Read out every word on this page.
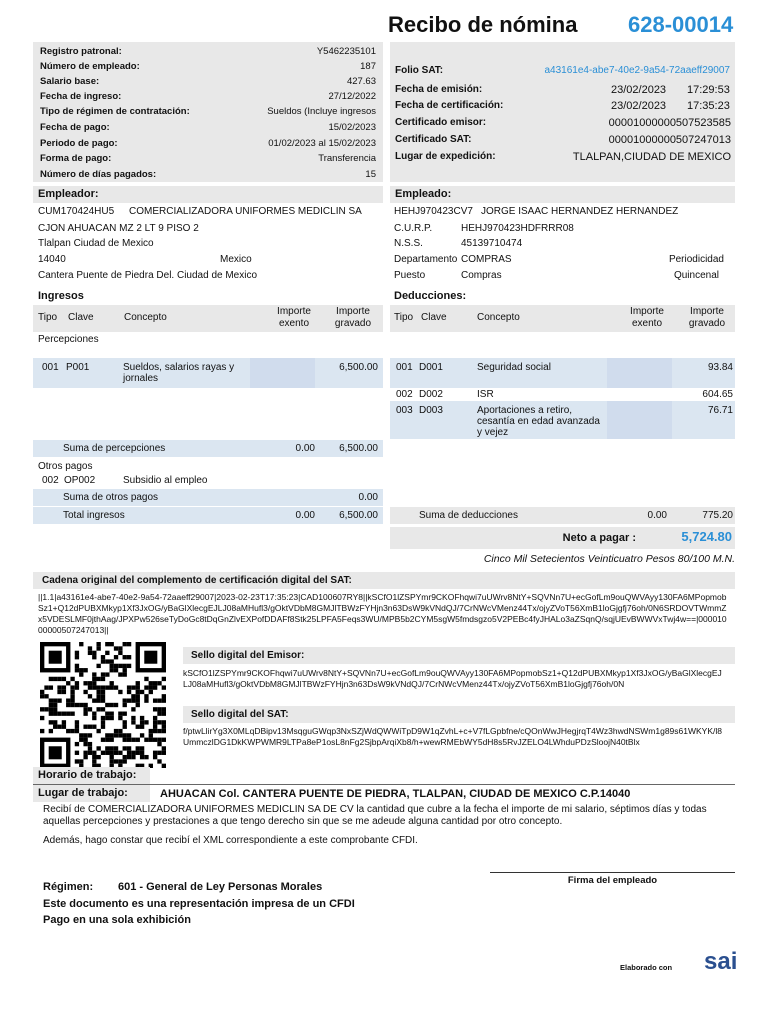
Recibo de nómina 628-00014
Registro patronal:	Y5462235101
Número de empleado:	187
Salario base:	427.63
Fecha de ingreso:	27/12/2022
Tipo de régimen de contratación:	Sueldos (Incluye ingresos
Fecha de pago:	15/02/2023
Periodo de pago:	01/02/2023 al 15/02/2023
Forma de pago:	Transferencia
Número de días pagados:	15
Folio SAT:	a43161e4-abe7-40e2-9a54-72aaeff29007
Fecha de emisión:	23/02/2023 17:29:53
Fecha de certificación:	23/02/2023 17:35:23
Certificado emisor:	00001000000507523585
Certificado SAT:	00001000000507247013
Lugar de expedición:	TLALPAN,CIUDAD DE MEXICO
Empleador:
CUM170424HU5 COMERCIALIZADORA UNIFORMES MEDICLIN SA
CJON AHUACAN MZ 2 LT 9 PISO 2
Tlalpan Ciudad de Mexico
14040	Mexico
Cantera Puente de Piedra Del. Ciudad de Mexico
Empleado:
HEHJ970423CV7 JORGE ISAAC HERNANDEZ HERNANDEZ
C.U.R.P.	HEHJ970423HDFRRR08
N.S.S.	45139710474
Departamento COMPRAS	Periodicidad
Puesto	Compras	Quincenal
Ingresos
Tipo Clave	Concepto
Importe exento
Importe gravado
Percepciones
001 P001	Sueldos, salarios rayas y jornales
6,500.00
Suma de percepciones	0.00	6,500.00
Otros pagos
002 OP002	Subsidio al empleo
Suma de otros pagos	0.00
Total ingresos	0.00	6,500.00
Deducciones:
Tipo Clave	Concepto
Importe exento
Importe gravado
001 D001	Seguridad social	93.84
002 D002	ISR	604.65
003 D003	Aportaciones a retiro, cesantía en edad avanzada y vejez
76.71
Suma de deducciones	0.00	775.20
Neto a pagar :	5,724.80
Cinco Mil Setecientos Veinticuatro Pesos 80/100 M.N.
Cadena original del complemento de certificación digital del SAT:
||1.1|a43161e4-abe7-40e2-9a54-72aaeff29007|2023-02-23T17:35:23|CAD100607RY8||kSCfO1lZSPYmr9CKOFhqwi7uUWrv8NtY+SQVNn7U+ecGofLm9ouQWVAyy130FA6MPopmobSz1+Q12dPUBXMkyp1Xf3JxOG/yBaGlXlecgEJLJ08aMHufl3/gOktVDbM8GMJlTBWzFYHjn3n63DsW9kVNdQJ/7CrNWcVMenz44Tx/ojyZVoT56XmB1loGjgfj76oh/0N6SRDOVTWmmZx5VDESLMF0jthAag/JPXPw526seTyDoGc8tDqGnZlvEXPofDDAFf8Stk25LPFA5Feqs3WU/MPB5b2CYM5sgW5fmdsgzo5V2PEBc4fyJHALo3aZSqnQ/sqjUEvBWWVxTwj4w==|00001000000507247013||
Sello digital del Emisor:
kSCfO1lZSPYmr9CKOFhqwi7uUWrv8NtY+SQVNn7U+ecGofLm9ouQWVAyy130FA6MPopmobSz1+Q12dPUBXMkyp1Xf3JxOG/yBaGlXlecgEJLJ08aMHufl3/gOktVDbM8GMJlTBWzFYHjn3n63DsW9kVNdQJ/7CrNWcVMenz44Tx/ojyZVoT56XmB1loGjgfj76oh/0N
Sello digital del SAT:
f/ptwLlirYg3X0MLqDBipv13MsqguGWqp3NxSZjWdQWWiTpD9W1qZvhL+c+V7fLGpbfne/cQOnWwJHegjrqT4Wz3hwdNSWm1g89s61WKYK/l8UmmczlDG1DkKWPWMR9LTPa8eP1osL8nFg2SjbpArqiXb8/h+wewRMEbWY5dH8s5RvJZELO4LWhduPDzSloojN40tBlx
Horario de trabajo:
Lugar de trabajo:	AHUACAN Col. CANTERA PUENTE DE PIEDRA, TLALPAN, CIUDAD DE MEXICO C.P.14040
Recibí de COMERCIALIZADORA UNIFORMES MEDICLIN SA DE CV la cantidad que cubre a la fecha el importe de mi salario, séptimos días y todas aquellas percepciones y prestaciones a que tengo derecho sin que se me adeude alguna cantidad por otro concepto.
Además, hago constar que recibí el XML correspondiente a este comprobante CFDI.
Régimen: 601 - General de Ley Personas Morales
Este documento es una representación impresa de un CFDI
Pago en una sola exhibición
Firma del empleado
Elaborado con sai
